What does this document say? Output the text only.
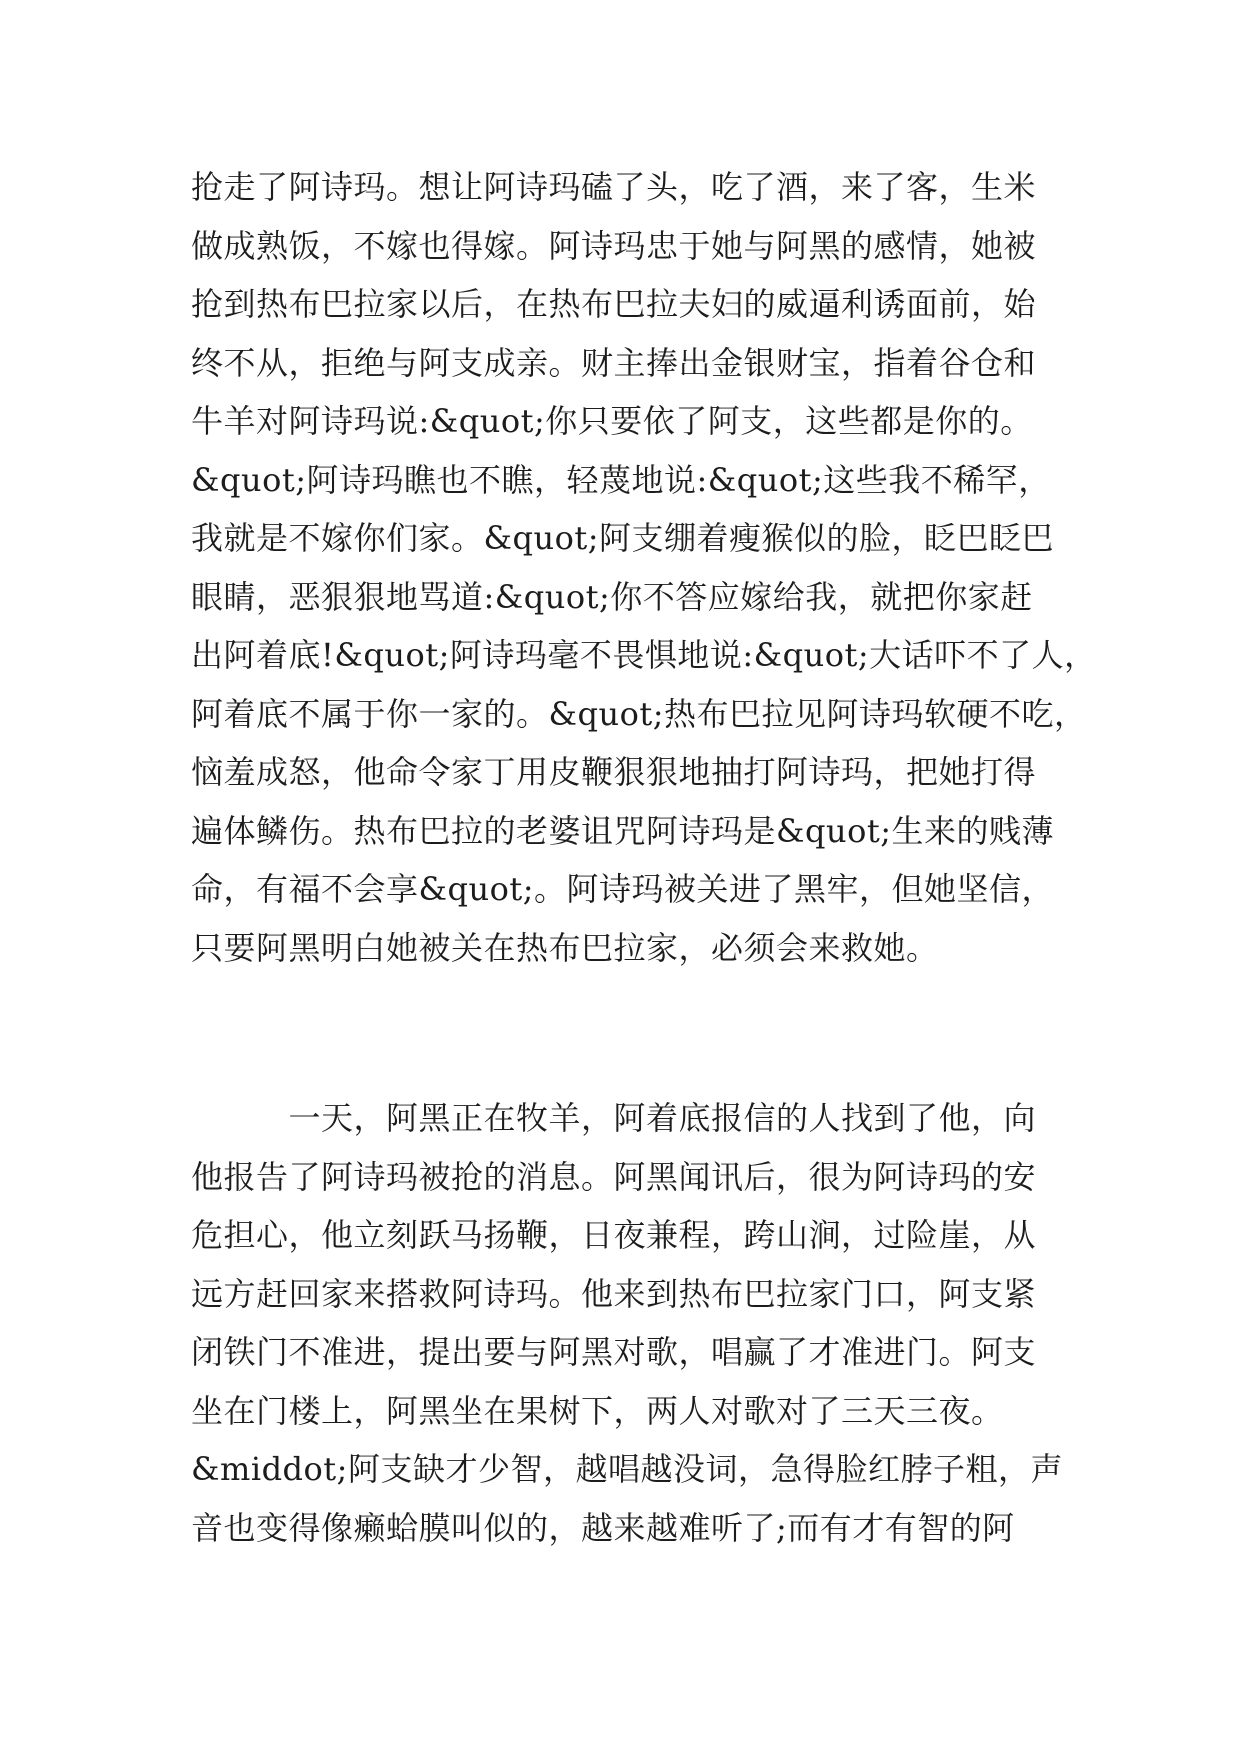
抢走了阿诗玛。想让阿诗玛磕了头，吃了酒，来了客，生米
做成熟饭，不嫁也得嫁。阿诗玛忠于她与阿黑的感情，她被
抢到热布巴拉家以后，在热布巴拉夫妇的威逼利诱面前，始
终不从，拒绝与阿支成亲。财主捧出金银财宝，指着谷仓和
牛羊对阿诗玛说:&quot;你只要依了阿支，这些都是你的。
&quot;阿诗玛瞧也不瞧，轻蔑地说:&quot;这些我不稀罕，
我就是不嫁你们家。&quot;阿支绷着瘦猴似的脸，眨巴眨巴
眼睛，恶狠狠地骂道:&quot;你不答应嫁给我，就把你家赶
出阿着底!&quot;阿诗玛毫不畏惧地说:&quot;大话吓不了人，
阿着底不属于你一家的。&quot;热布巴拉见阿诗玛软硬不吃，
恼羞成怒，他命令家丁用皮鞭狠狠地抽打阿诗玛，把她打得
遍体鳞伤。热布巴拉的老婆诅咒阿诗玛是&quot;生来的贱薄
命，有福不会享&quot;。阿诗玛被关进了黑牢，但她坚信，
只要阿黑明白她被关在热布巴拉家，必须会来救她。
　　　一天，阿黑正在牧羊，阿着底报信的人找到了他，向
他报告了阿诗玛被抢的消息。阿黑闻讯后，很为阿诗玛的安
危担心，他立刻跃马扬鞭，日夜兼程，跨山涧，过险崖，从
远方赶回家来搭救阿诗玛。他来到热布巴拉家门口，阿支紧
闭铁门不准进，提出要与阿黑对歌，唱赢了才准进门。阿支
坐在门楼上，阿黑坐在果树下，两人对歌对了三天三夜。
&middot;阿支缺才少智，越唱越没词，急得脸红脖子粗，声
音也变得像癞蛤膜叫似的，越来越难听了;而有才有智的阿
